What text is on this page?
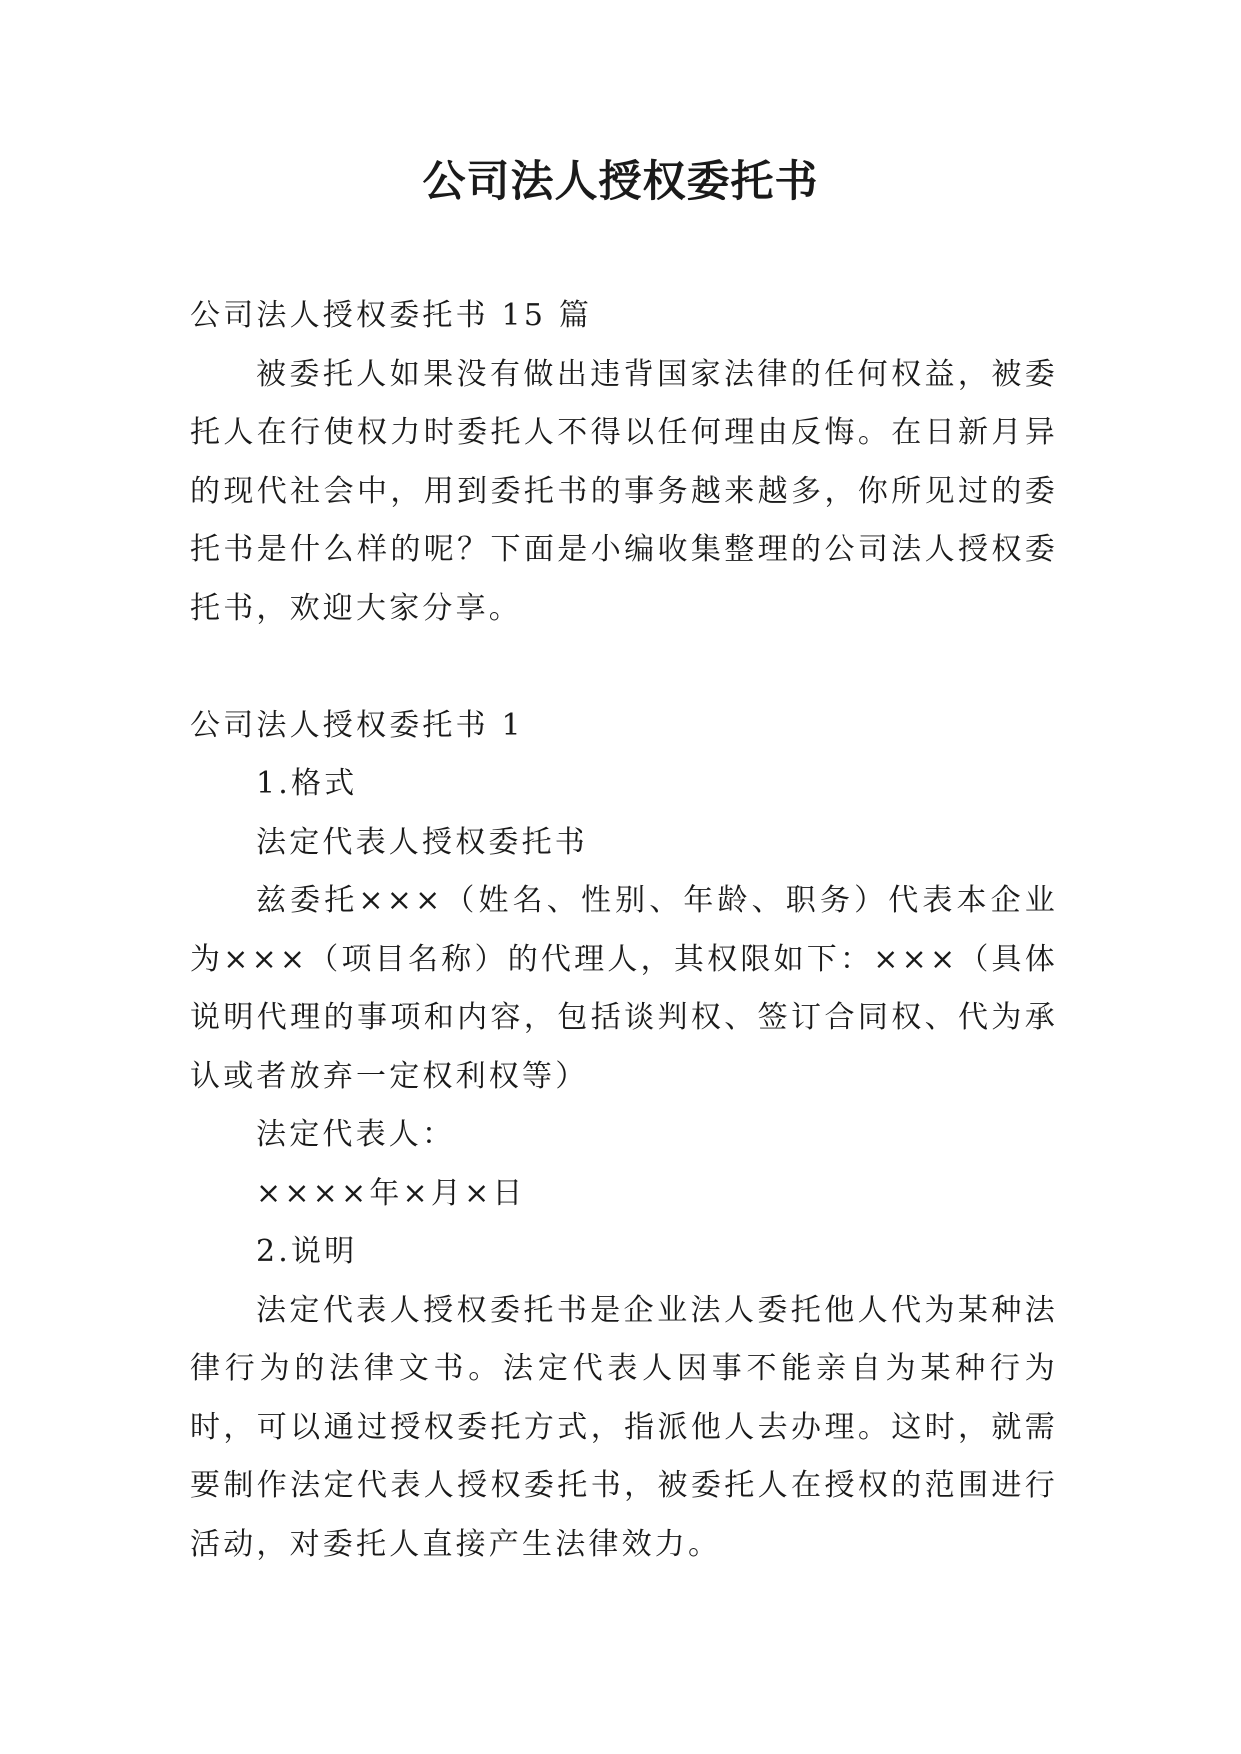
公司法人授权委托书

公司法人授权委托书 15 篇

被委托人如果没有做出违背国家法律的任何权益，被委托人在行使权力时委托人不得以任何理由反悔。在日新月异的现代社会中，用到委托书的事务越来越多，你所见过的委托书是什么样的呢？下面是小编收集整理的公司法人授权委托书，欢迎大家分享。

公司法人授权委托书 1

1.格式

法定代表人授权委托书

兹委托×××（姓名、性别、年龄、职务）代表本企业为×××（项目名称）的代理人，其权限如下：×××（具体说明代理的事项和内容，包括谈判权、签订合同权、代为承认或者放弃一定权利权等）

法定代表人：

××××年×月×日

2.说明

法定代表人授权委托书是企业法人委托他人代为某种法律行为的法律文书。法定代表人因事不能亲自为某种行为时，可以通过授权委托方式，指派他人去办理。这时，就需要制作法定代表人授权委托书，被委托人在授权的范围进行活动，对委托人直接产生法律效力。
